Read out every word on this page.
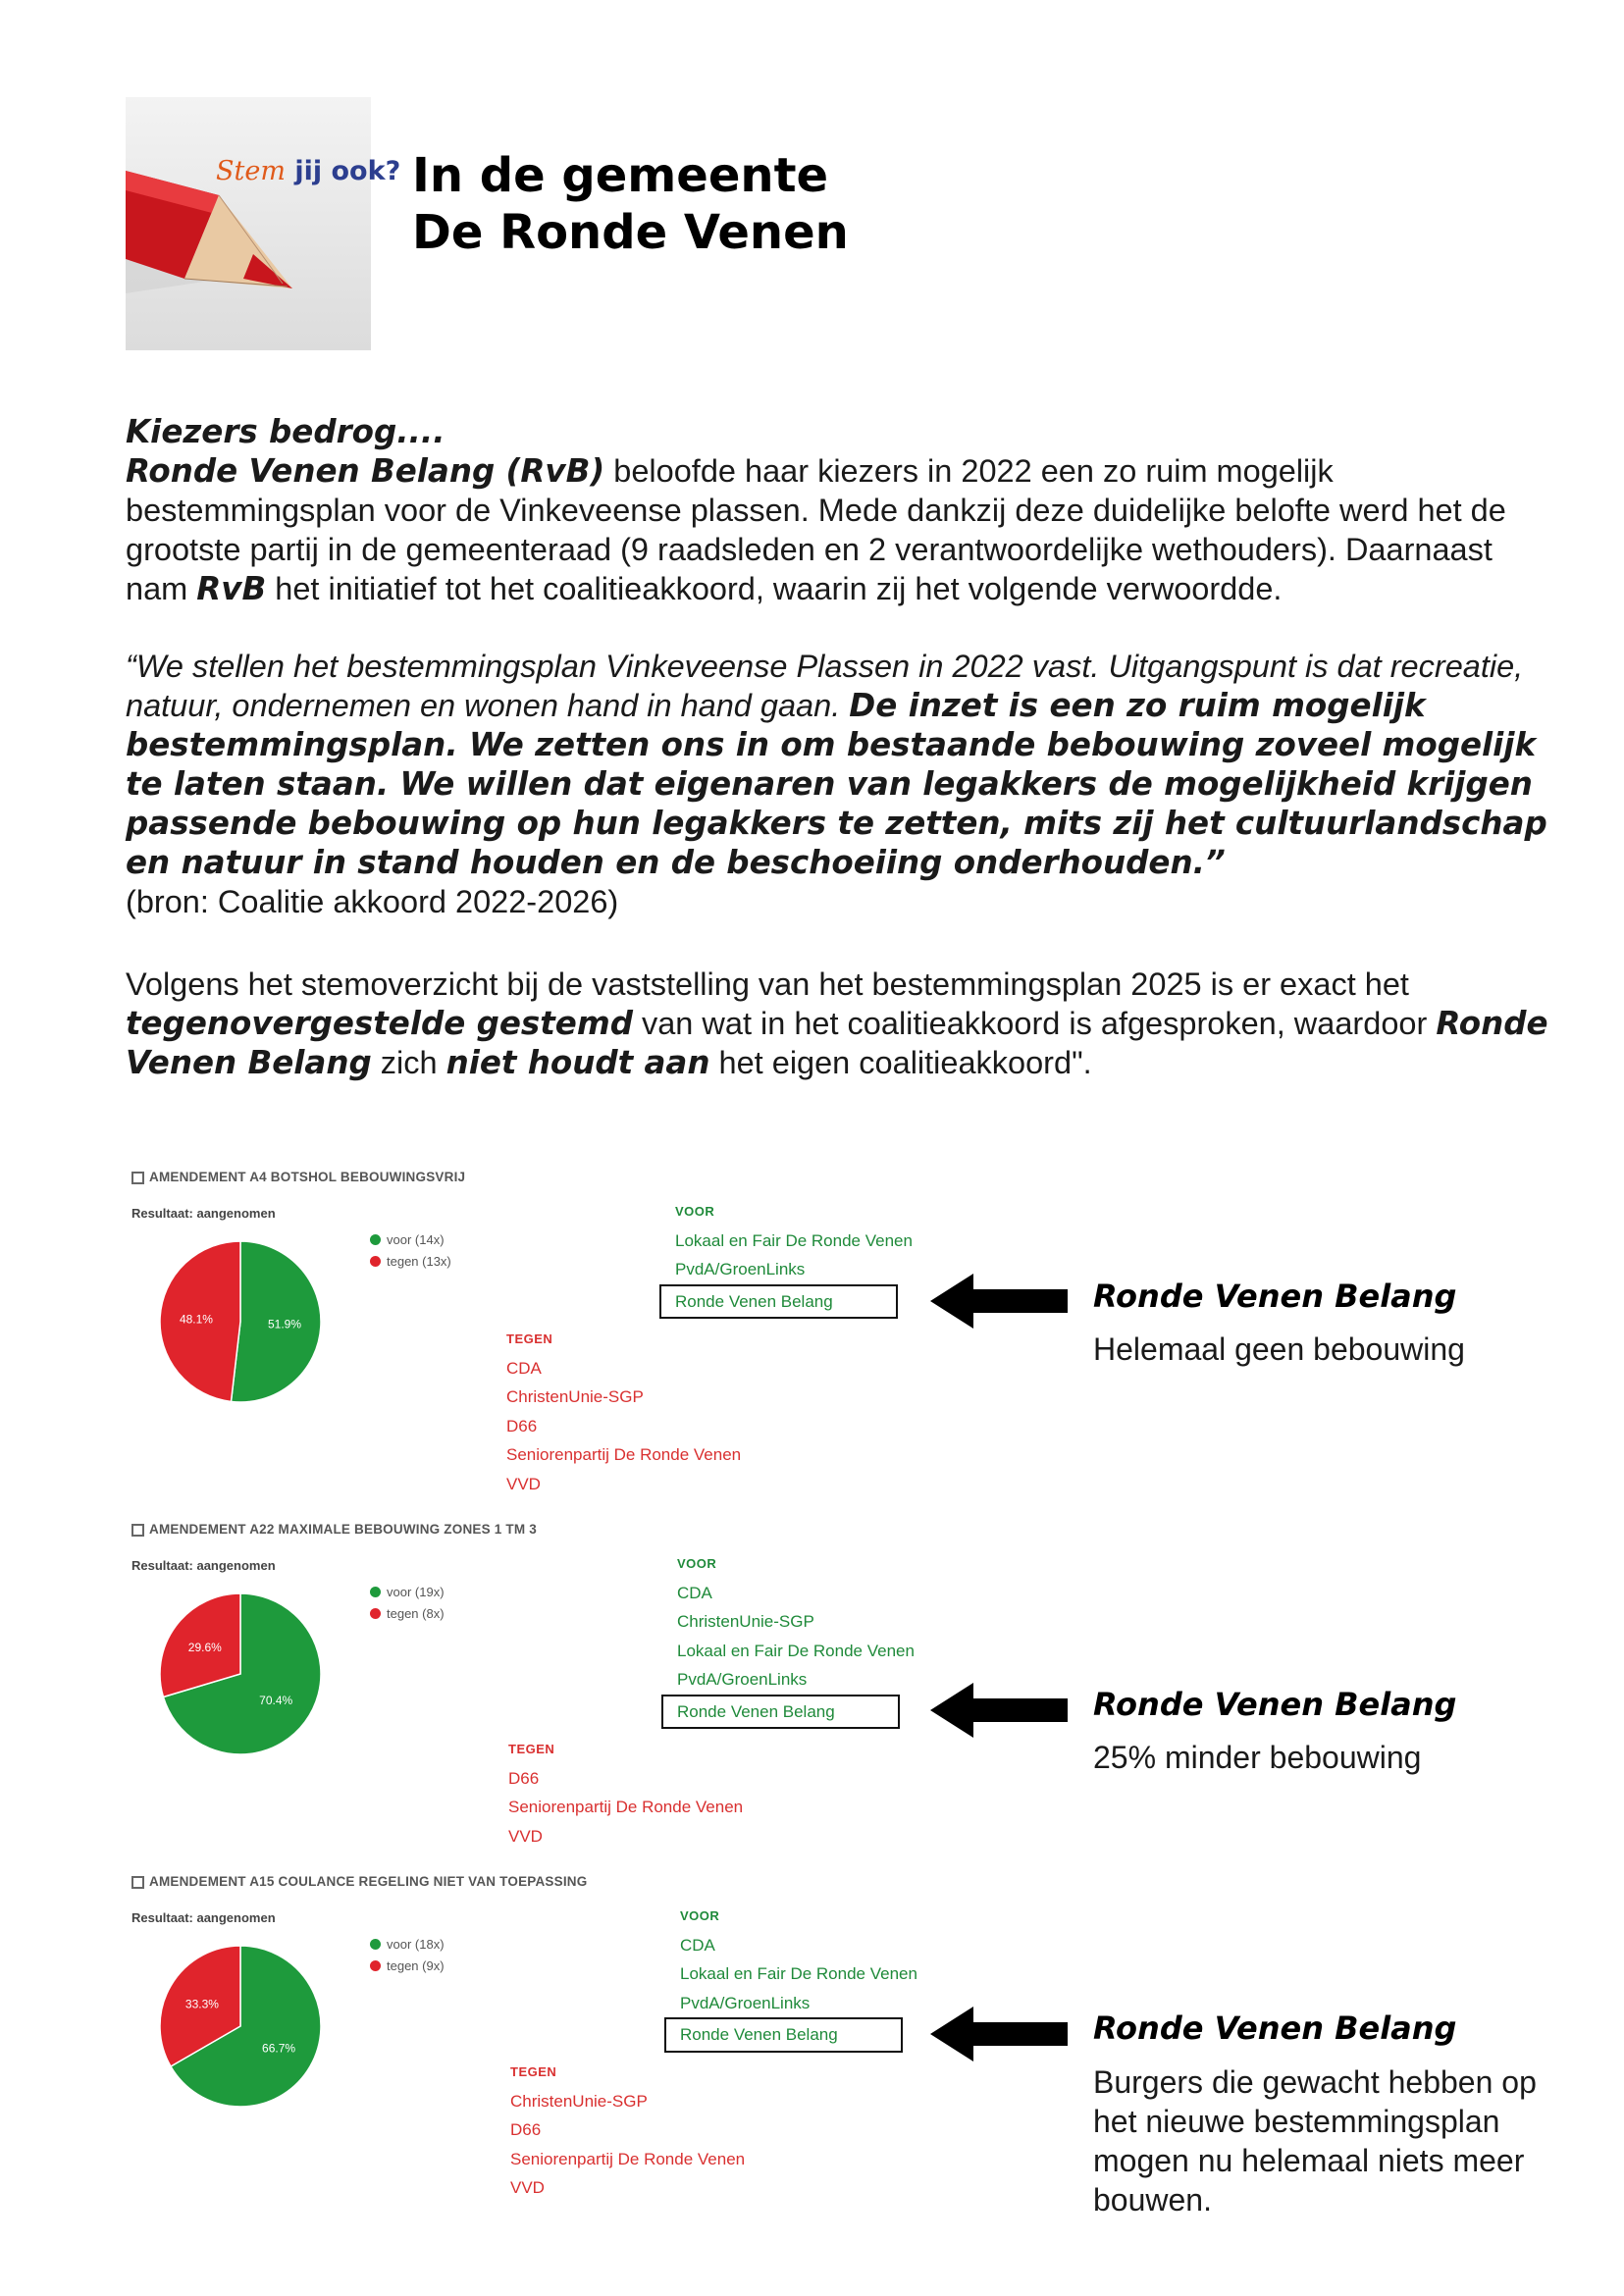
Stem jij ook? In de gemeente
De Ronde Venen

Kiezers bedrog....

Ronde Venen Belang (RvB) beloofde haar kiezers in 2022 een zo ruim mogelijk bestemmingsplan voor de Vinkeveense plassen. Mede dankzij deze duidelijke belofte werd het de grootste partij in de gemeenteraad (9 raadsleden en 2 verantwoordelijke wethouders). Daarnaast nam RvB het initiatief tot het coalitieakkoord, waarin zij het volgende verwoordde.

“We stellen het bestemmingsplan Vinkeveense Plassen in 2022 vast. Uitgangspunt is dat recreatie, natuur, ondernemen en wonen hand in hand gaan. De inzet is een zo ruim mogelijk bestemmingsplan. We zetten ons in om bestaande bebouwing zoveel mogelijk te laten staan. We willen dat eigenaren van legakkers de mogelijkheid krijgen passende bebouwing op hun legakkers te zetten, mits zij het cultuurlandschap en natuur in stand houden en de beschoeiing onderhouden.”

(bron: Coalitie akkoord 2022-2026)

Volgens het stemoverzicht bij de vaststelling van het bestemmingsplan 2025 is er exact het tegenovergestelde gestemd van wat in het coalitieakkoord is afgesproken, waardoor Ronde Venen Belang zich niet houdt aan het eigen coalitieakkoord".

AMENDEMENT A4 BOTSHOL BEBOUWINGSVRIJ
Resultaat: aangenomen
51.9%
48.1%
voor (14x)
tegen (13x)
VOOR
Lokaal en Fair De Ronde Venen
PvdA/GroenLinks
Ronde Venen Belang
TEGEN
CDA
ChristenUnie-SGP
D66
Seniorenpartij De Ronde Venen
VVD
Ronde Venen Belang
Helemaal geen bebouwing
AMENDEMENT A22 MAXIMALE BEBOUWING ZONES 1 TM 3
Resultaat: aangenomen
70.4%
29.6%
voor (19x)
tegen (8x)
VOOR
CDA
ChristenUnie-SGP
Lokaal en Fair De Ronde Venen
PvdA/GroenLinks
Ronde Venen Belang
TEGEN
D66
Seniorenpartij De Ronde Venen
VVD
Ronde Venen Belang
25% minder bebouwing
AMENDEMENT A15 COULANCE REGELING NIET VAN TOEPASSING
Resultaat: aangenomen
66.7%
33.3%
voor (18x)
tegen (9x)
VOOR
CDA
Lokaal en Fair De Ronde Venen
PvdA/GroenLinks
Ronde Venen Belang
TEGEN
ChristenUnie-SGP
D66
Seniorenpartij De Ronde Venen
VVD
Ronde Venen Belang
Burgers die gewacht hebben op het nieuwe bestemmingsplan mogen nu helemaal niets meer bouwen.
